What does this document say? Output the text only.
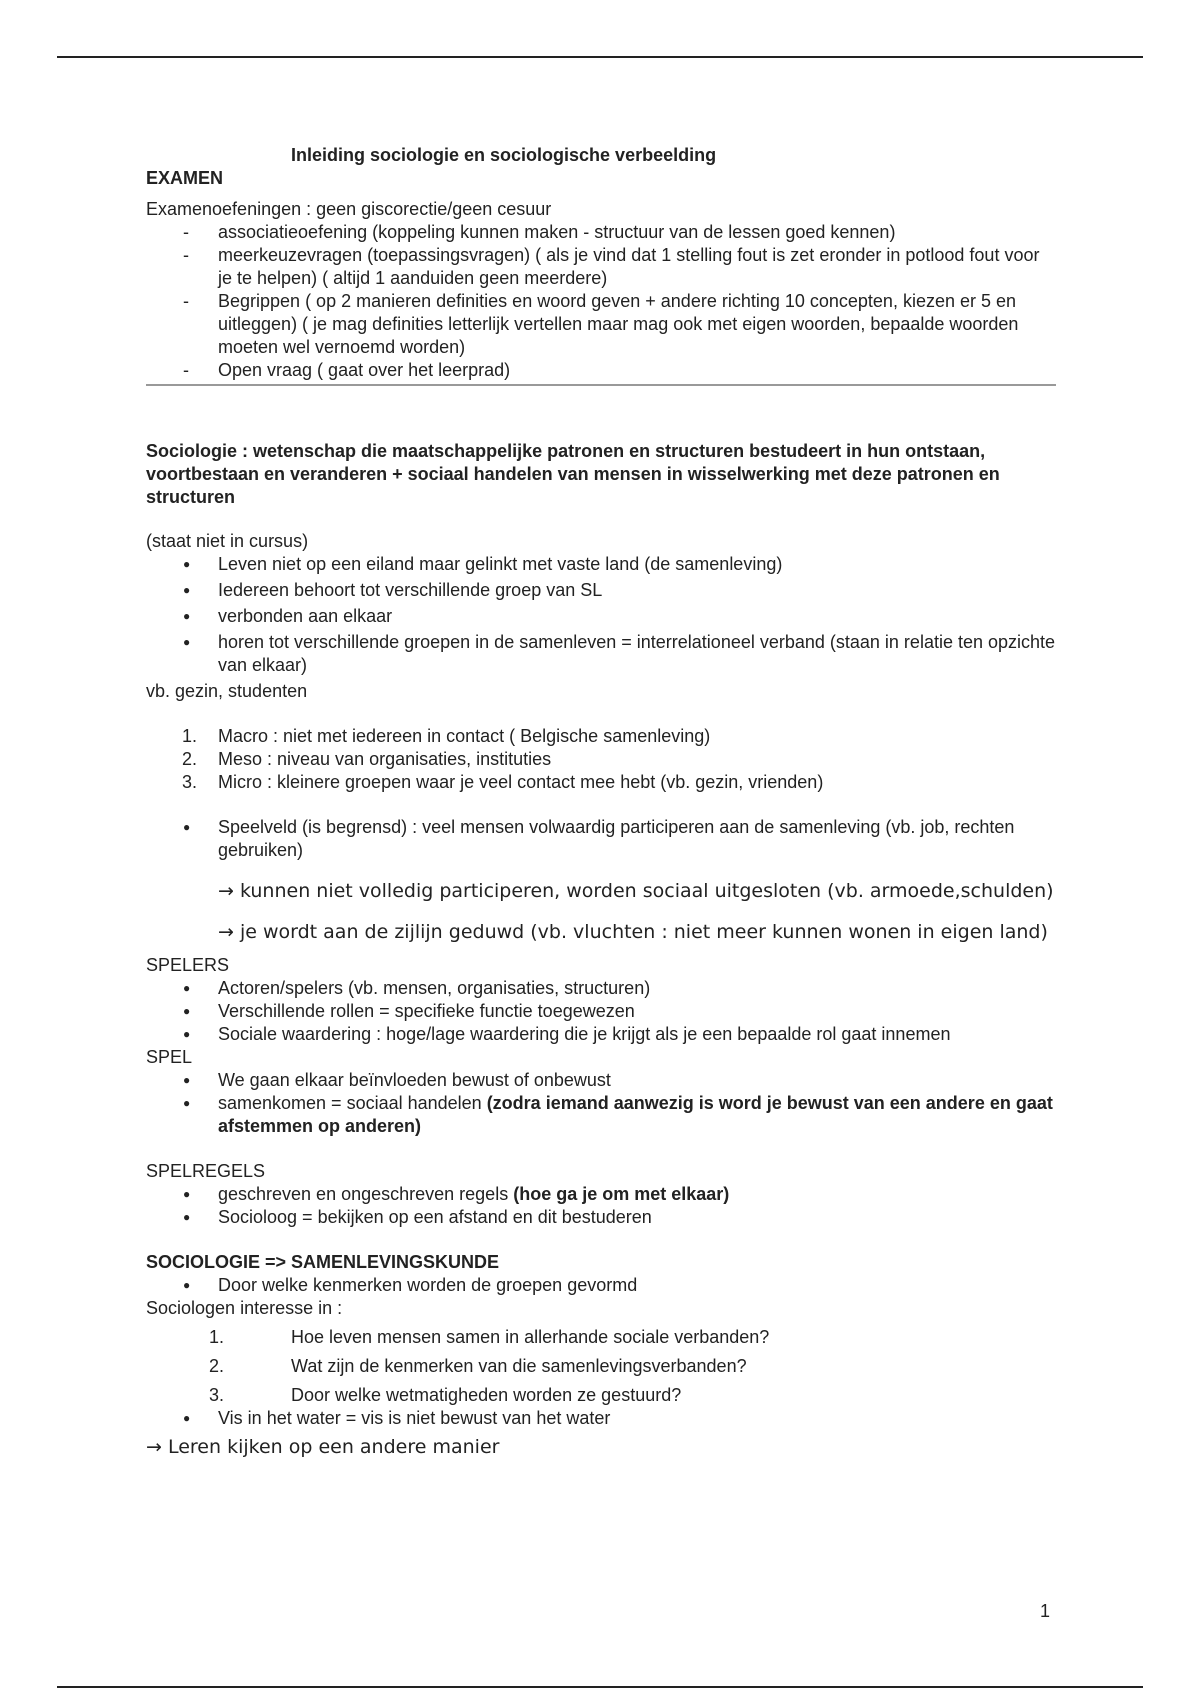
Inleiding sociologie en sociologische verbeelding
EXAMEN
Examenoefeningen : geen giscorectie/geen cesuur
- associatieoefening (koppeling kunnen maken - structuur van de lessen goed kennen)
- meerkeuzevragen (toepassingsvragen) ( als je vind dat 1 stelling fout is zet eronder in potlood fout voor je te helpen) ( altijd 1 aanduiden geen meerdere)
- Begrippen ( op 2 manieren definities en woord geven + andere richting 10 concepten, kiezen er 5 en uitleggen) ( je mag definities letterlijk vertellen maar mag ook met eigen woorden, bepaalde woorden moeten wel vernoemd worden)
- Open vraag ( gaat over het leerprad)
Sociologie : wetenschap die maatschappelijke patronen en structuren bestudeert in hun ontstaan, voortbestaan en veranderen + sociaal handelen van mensen in wisselwerking met deze patronen en structuren
(staat niet in cursus)
● Leven niet op een eiland maar gelinkt met vaste land (de samenleving)
● Iedereen behoort tot verschillende groep van SL
● verbonden aan elkaar
● horen tot verschillende groepen in de samenleven = interrelationeel verband (staan in relatie ten opzichte van elkaar)
vb. gezin, studenten
1. Macro : niet met iedereen in contact ( Belgische samenleving)
2. Meso : niveau van organisaties, instituties
3. Micro : kleinere groepen waar je veel contact mee hebt (vb. gezin, vrienden)
● Speelveld (is begrensd) : veel mensen volwaardig participeren aan de samenleving (vb. job, rechten gebruiken)
→ kunnen niet volledig participeren, worden sociaal uitgesloten (vb. armoede,schulden)
→ je wordt aan de zijlijn geduwd (vb. vluchten : niet meer kunnen wonen in eigen land)
SPELERS
● Actoren/spelers (vb. mensen, organisaties, structuren)
● Verschillende rollen = specifieke functie toegewezen
● Sociale waardering : hoge/lage waardering die je krijgt als je een bepaalde rol gaat innemen
SPEL
● We gaan elkaar beïnvloeden bewust of onbewust
● samenkomen = sociaal handelen (zodra iemand aanwezig is word je bewust van een andere en gaat afstemmen op anderen)
SPELREGELS
● geschreven en ongeschreven regels (hoe ga je om met elkaar)
● Socioloog = bekijken op een afstand en dit bestuderen
SOCIOLOGIE => SAMENLEVINGSKUNDE
● Door welke kenmerken worden de groepen gevormd
Sociologen interesse in :
1.	Hoe leven mensen samen in allerhande sociale verbanden?
2.	Wat zijn de kenmerken van die samenlevingsverbanden?
3.	Door welke wetmatigheden worden ze gestuurd?
● Vis in het water = vis is niet bewust van het water
→ Leren kijken op een andere manier
1
